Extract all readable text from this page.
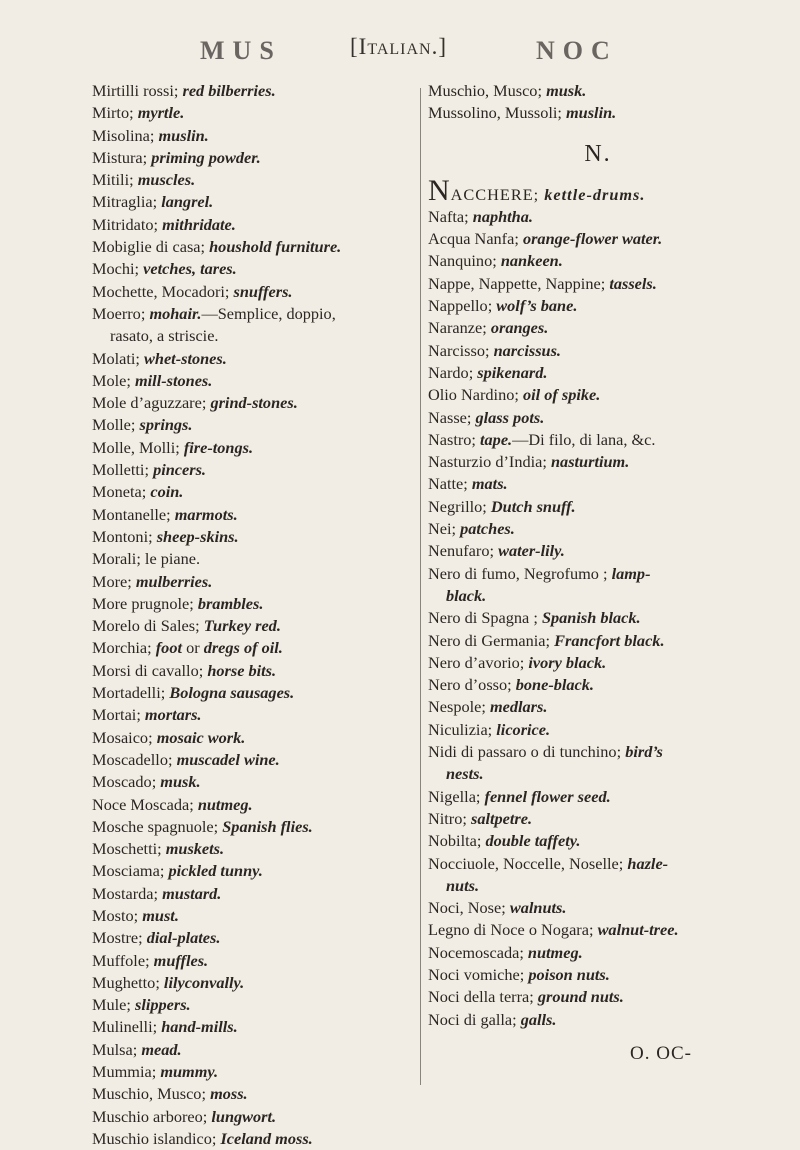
MUS	[Italian.]	NOC
Mirtilli rossi; red bilberries.
Mirto; myrtle.
Misolina; muslin.
Mistura; priming powder.
Mitili; muscles.
Mitraglia; langrel.
Mitridato; mithridate.
Mobiglie di casa; houshold furniture.
Mochi; vetches, tares.
Mochette, Mocadori; snuffers.
Moerro; mohair.—Semplice, doppio,
rasato, a striscie.
Molati; whet-stones.
Mole; mill-stones.
Mole d’aguzzare; grind-stones.
Molle; springs.
Molle, Molli; fire-tongs.
Molletti; pincers.
Moneta; coin.
Montanelle; marmots.
Montoni; sheep-skins.
Morali; le piane.
More; mulberries.
More prugnole; brambles.
Morelo di Sales; Turkey red.
Morchia; foot or dregs of oil.
Morsi di cavallo; horse bits.
Mortadelli; Bologna sausages.
Mortai; mortars.
Mosaico; mosaic work.
Moscadello; muscadel wine.
Moscado; musk.
Noce Moscada; nutmeg.
Mosche spagnuole; Spanish flies.
Moschetti; muskets.
Mosciama; pickled tunny.
Mostarda; mustard.
Mosto; must.
Mostre; dial-plates.
Muffole; muffles.
Mughetto; lilyconvally.
Mule; slippers.
Mulinelli; hand-mills.
Mulsa; mead.
Mummia; mummy.
Muschio, Musco; moss.
Muschio arboreo; lungwort.
Muschio islandico; Iceland moss.
Muschio, Musco; musk.
Mussolino, Mussoli; muslin.
N.
NACCHERE; kettle-drums.
Nafta; naphtha.
Acqua Nanfa; orange-flower water.
Nanquino; nankeen.
Nappe, Nappette, Nappine; tassels.
Nappello; wolf’s bane.
Naranze; oranges.
Narcisso; narcissus.
Nardo; spikenard.
Olio Nardino; oil of spike.
Nasse; glass pots.
Nastro; tape.—Di filo, di lana, &c.
Nasturzio d’India; nasturtium.
Natte; mats.
Negrillo; Dutch snuff.
Nei; patches.
Nenufaro; water-lily.
Nero di fumo, Negrofumo ; lamp-
black.
Nero di Spagna ; Spanish black.
Nero di Germania; Francfort black.
Nero d’avorio; ivory black.
Nero d’osso; bone-black.
Nespole; medlars.
Niculizia; licorice.
Nidi di passaro o di tunchino; bird’s
nests.
Nigella; fennel flower seed.
Nitro; saltpetre.
Nobilta; double taffety.
Nocciuole, Noccelle, Noselle; hazle-
nuts.
Noci, Nose; walnuts.
Legno di Noce o Nogara; walnut-tree.
Nocemoscada; nutmeg.
Noci vomiche; poison nuts.
Noci della terra; ground nuts.
Noci di galla; galls.
O. OC-
